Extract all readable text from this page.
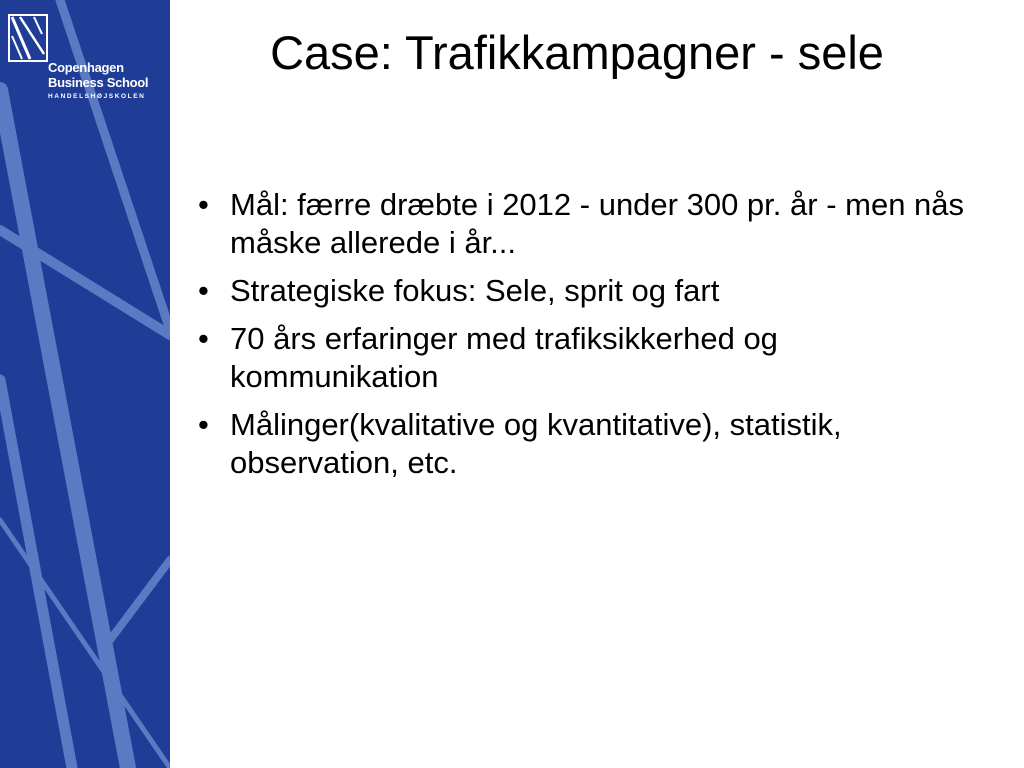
Copenhagen
Business School
HANDELSHØJSKOLEN
Case: Trafikkampagner - sele
• Mål: færre dræbte i 2012 - under 300 pr. år - men nås måske allerede i år...
• Strategiske fokus: Sele, sprit og fart
• 70 års erfaringer med trafiksikkerhed og kommunikation
• Målinger(kvalitative og kvantitative), statistik, observation, etc.
